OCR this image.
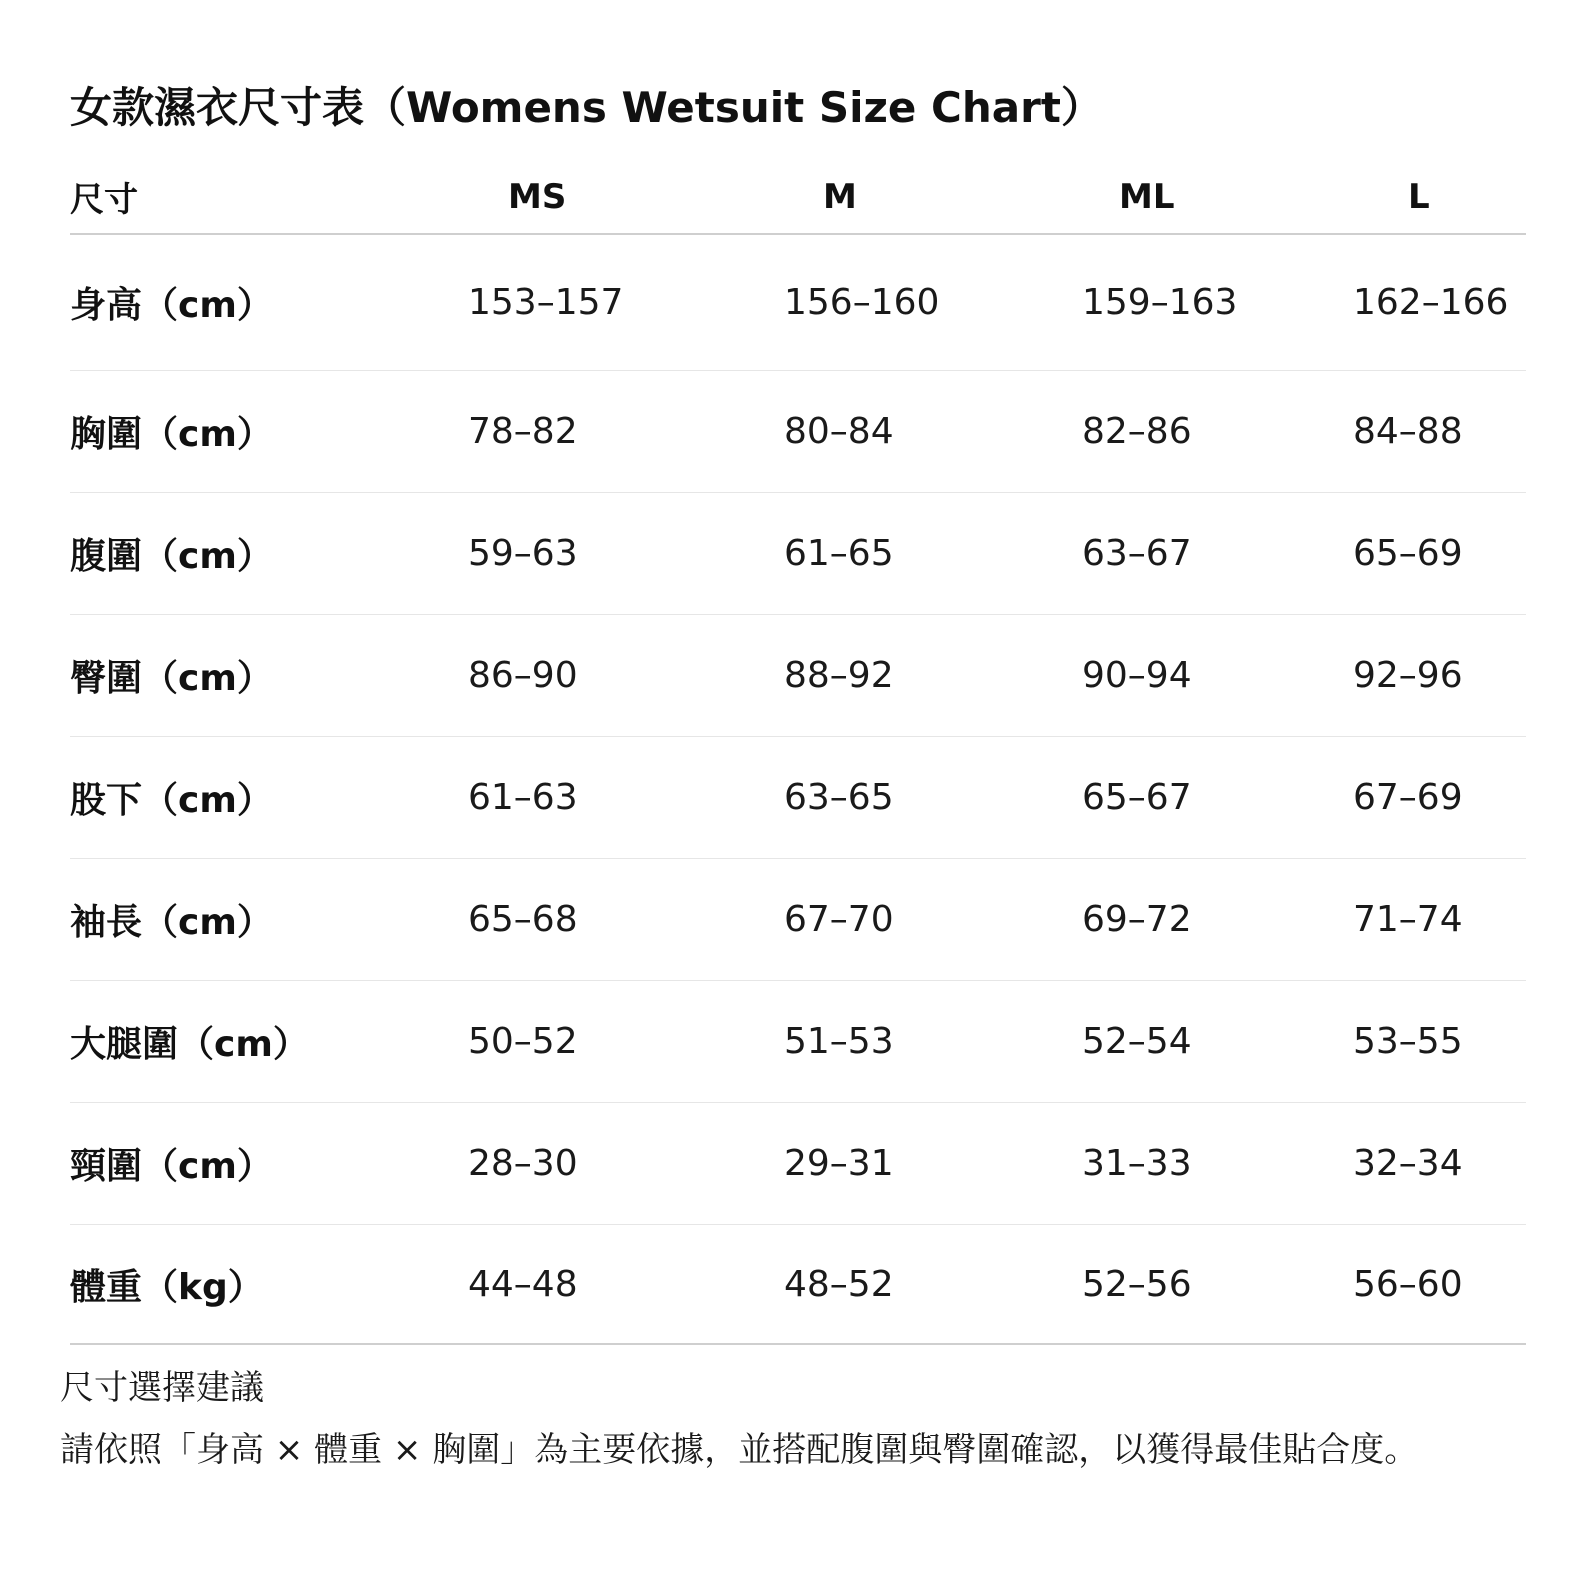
女款濕衣尺寸表（Womens Wetsuit Size Chart）
尺寸	MS	M	ML	L
身高（cm）	153–157	156–160	159–163	162–166
胸圍（cm）	78–82	80–84	82–86	84–88
腹圍（cm）	59–63	61–65	63–67	65–69
臀圍（cm）	86–90	88–92	90–94	92–96
股下（cm）	61–63	63–65	65–67	67–69
袖長（cm）	65–68	67–70	69–72	71–74
大腿圍（cm）	50–52	51–53	52–54	53–55
頸圍（cm）	28–30	29–31	31–33	32–34
體重（kg）	44–48	48–52	52–56	56–60
尺寸選擇建議
請依照「身高 × 體重 × 胸圍」為主要依據，並搭配腹圍與臀圍確認，以獲得最佳貼合度。
